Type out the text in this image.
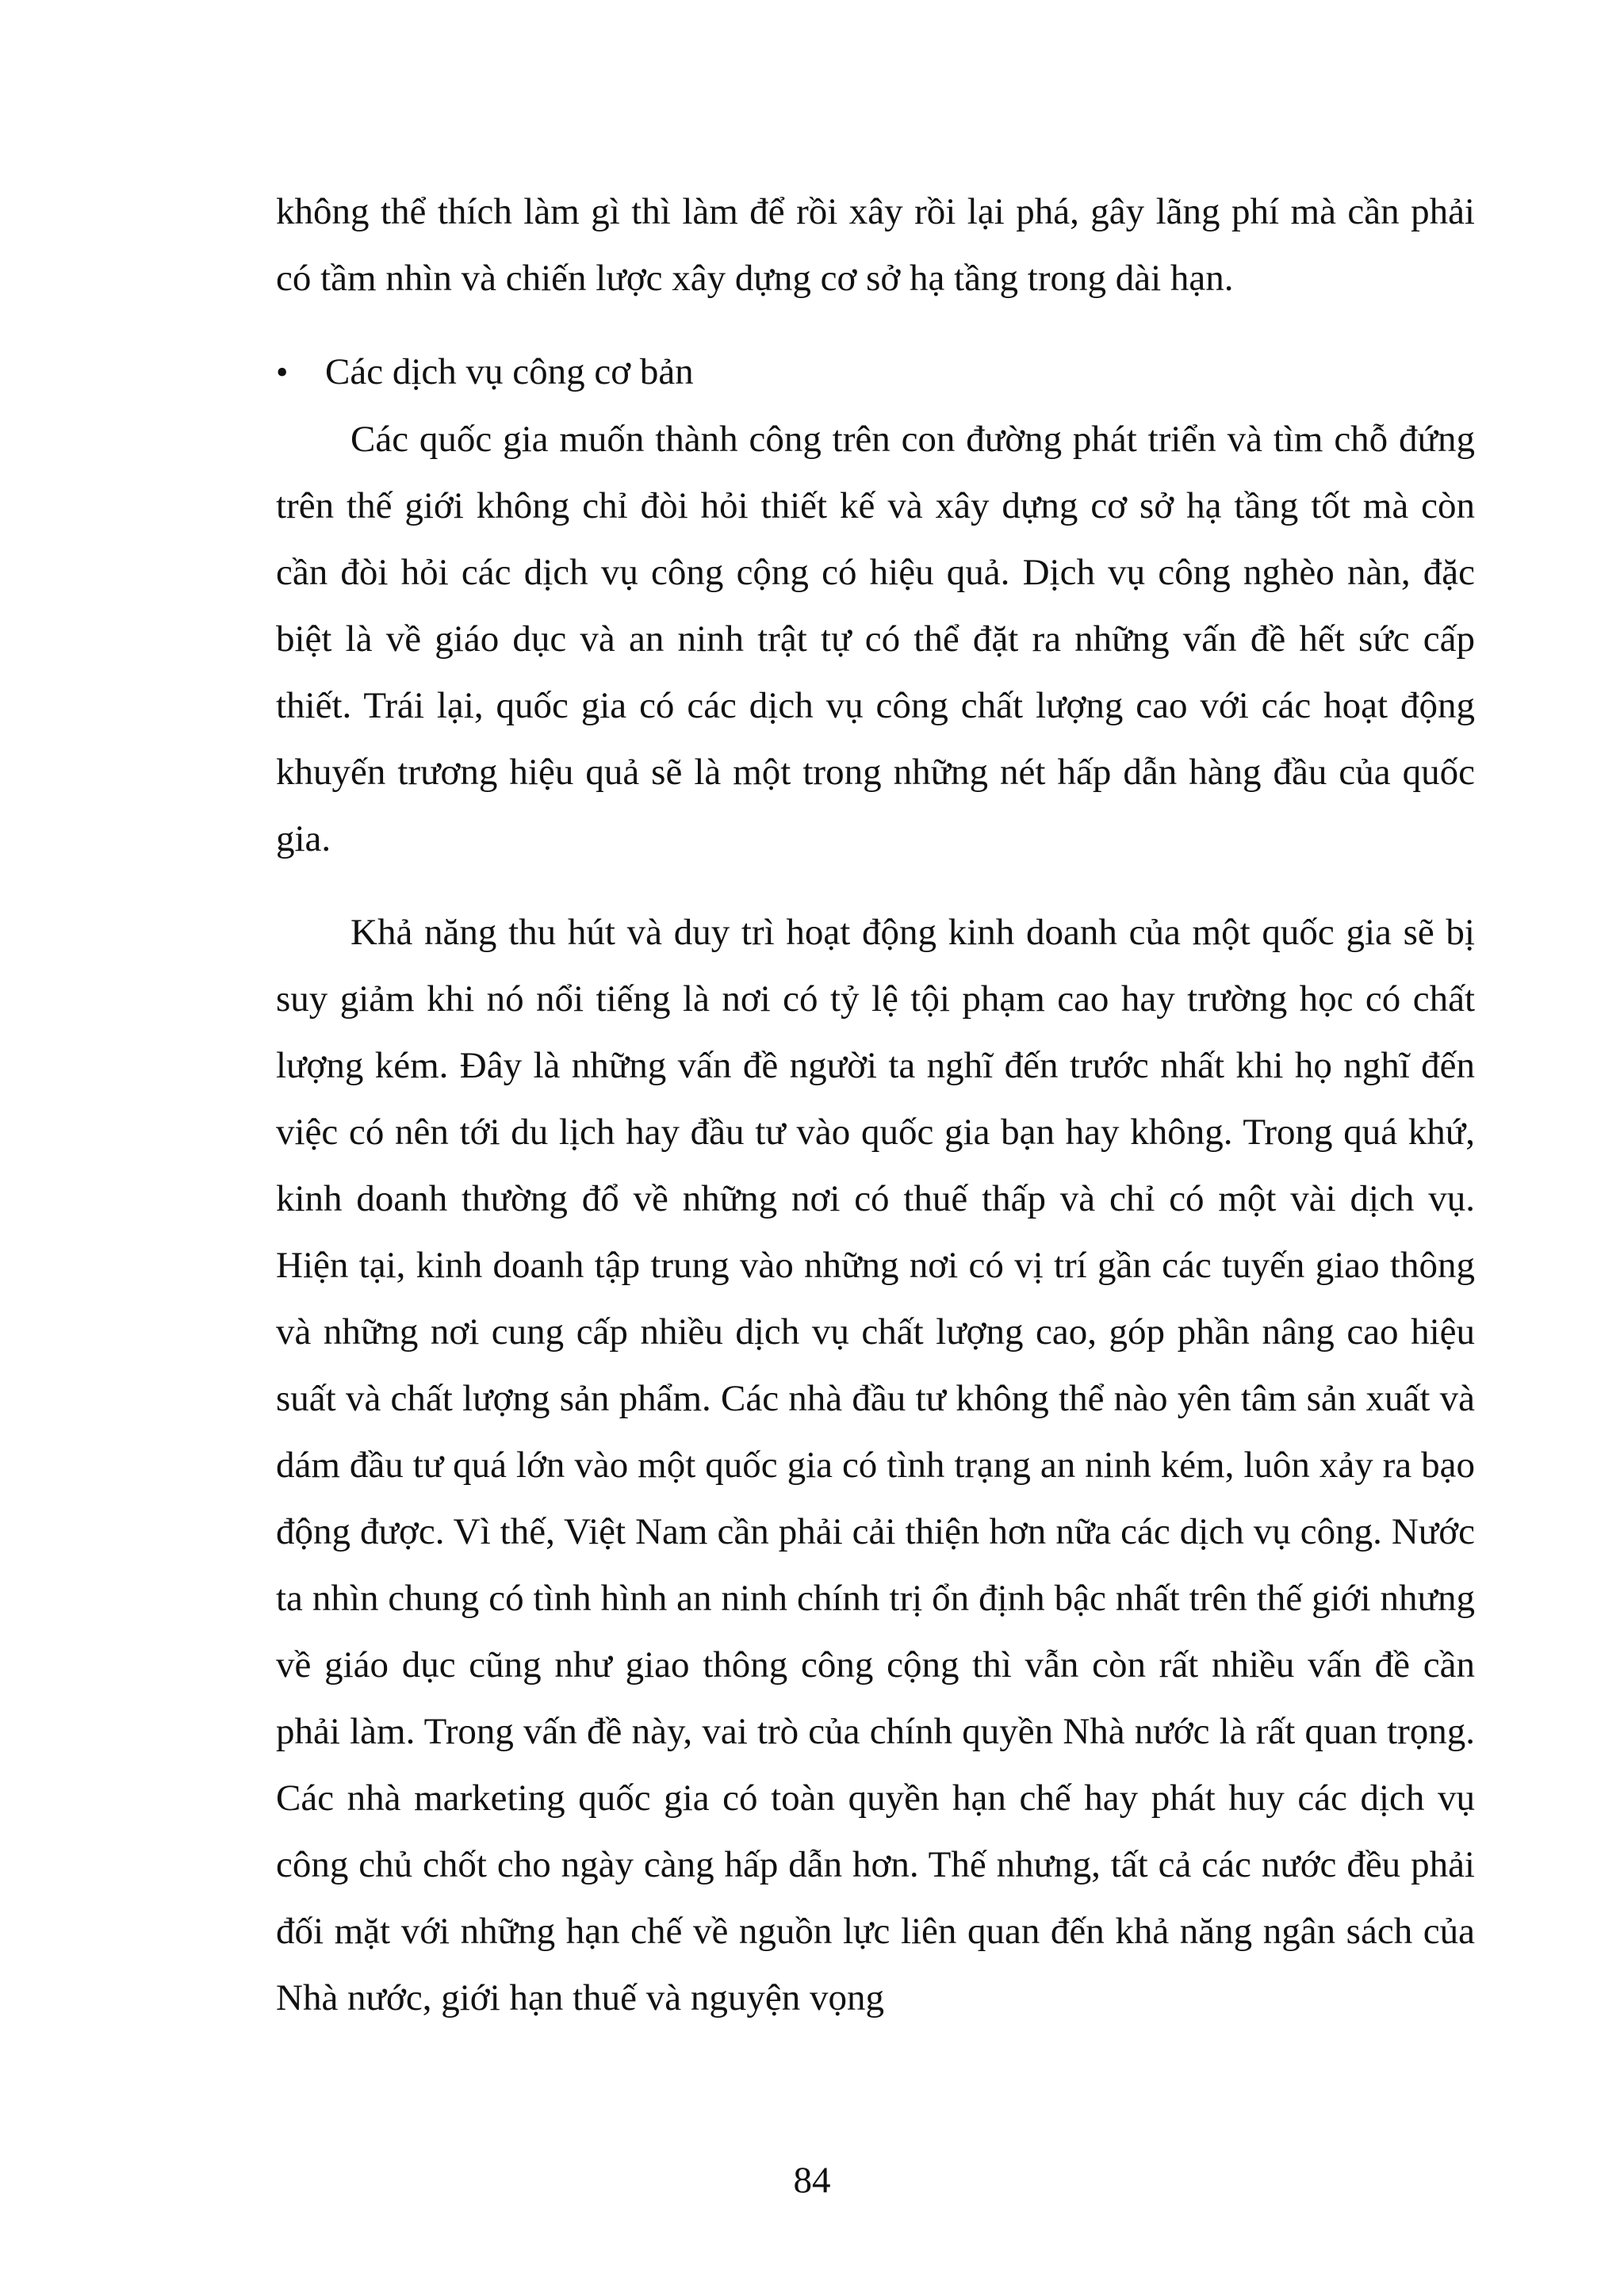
không thể thích làm gì thì làm để rồi xây rồi lại phá, gây lãng phí mà cần phải có tầm nhìn và chiến lược xây dựng cơ sở hạ tầng trong dài hạn.

• Các dịch vụ công cơ bản

Các quốc gia muốn thành công trên con đường phát triển và tìm chỗ đứng trên thế giới không chỉ đòi hỏi thiết kế và xây dựng cơ sở hạ tầng tốt mà còn cần đòi hỏi các dịch vụ công cộng có hiệu quả. Dịch vụ công nghèo nàn, đặc biệt là về giáo dục và an ninh trật tự có thể đặt ra những vấn đề hết sức cấp thiết. Trái lại, quốc gia có các dịch vụ công chất lượng cao với các hoạt động khuyến trương hiệu quả sẽ là một trong những nét hấp dẫn hàng đầu của quốc gia.

Khả năng thu hút và duy trì hoạt động kinh doanh của một quốc gia sẽ bị suy giảm khi nó nổi tiếng là nơi có tỷ lệ tội phạm cao hay trường học có chất lượng kém. Đây là những vấn đề người ta nghĩ đến trước nhất khi họ nghĩ đến việc có nên tới du lịch hay đầu tư vào quốc gia bạn hay không. Trong quá khứ, kinh doanh thường đổ về những nơi có thuế thấp và chỉ có một vài dịch vụ. Hiện tại, kinh doanh tập trung vào những nơi có vị trí gần các tuyến giao thông và những nơi cung cấp nhiều dịch vụ chất lượng cao, góp phần nâng cao hiệu suất và chất lượng sản phẩm. Các nhà đầu tư không thể nào yên tâm sản xuất và dám đầu tư quá lớn vào một quốc gia có tình trạng an ninh kém, luôn xảy ra bạo động được. Vì thế, Việt Nam cần phải cải thiện hơn nữa các dịch vụ công. Nước ta nhìn chung có tình hình an ninh chính trị ổn định bậc nhất trên thế giới nhưng về giáo dục cũng như giao thông công cộng thì vẫn còn rất nhiều vấn đề cần phải làm. Trong vấn đề này, vai trò của chính quyền Nhà nước là rất quan trọng. Các nhà marketing quốc gia có toàn quyền hạn chế hay phát huy các dịch vụ công chủ chốt cho ngày càng hấp dẫn hơn. Thế nhưng, tất cả các nước đều phải đối mặt với những hạn chế về nguồn lực liên quan đến khả năng ngân sách của Nhà nước, giới hạn thuế và nguyện vọng

84
